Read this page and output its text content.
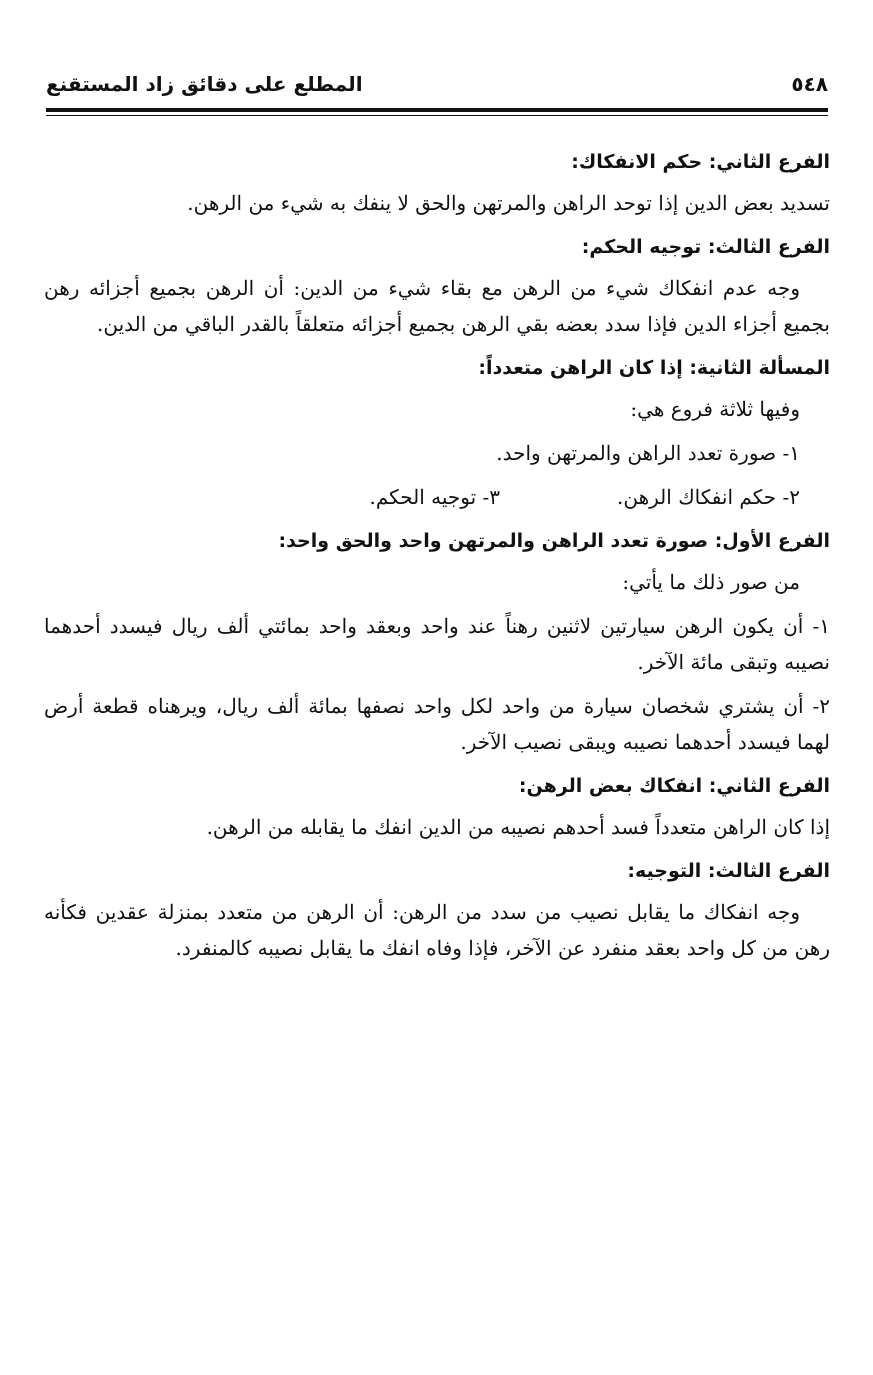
٥٤٨
المطلع على دقائق زاد المستقنع
الفرع الثاني: حكم الانفكاك:

تسديد بعض الدين إذا توحد الراهن والمرتهن والحق لا ينفك به شيء من الرهن.

الفرع الثالث: توجيه الحكم:

وجه عدم انفكاك شيء من الرهن مع بقاء شيء من الدين: أن الرهن بجميع أجزائه رهن بجميع أجزاء الدين فإذا سدد بعضه بقي الرهن بجميع أجزائه متعلقاً بالقدر الباقي من الدين.

المسألة الثانية: إذا كان الراهن متعدداً:
وفيها ثلاثة فروع هي:
١- صورة تعدد الراهن والمرتهن واحد.
٢- حكم انفكاك الرهن.
٣- توجيه الحكم.
الفرع الأول: صورة تعدد الراهن والمرتهن واحد والحق واحد:
من صور ذلك ما يأتي:

١- أن يكون الرهن سيارتين لاثنين رهناً عند واحد وبعقد واحد بمائتي ألف ريال فيسدد أحدهما نصيبه وتبقى مائة الآخر.

٢- أن يشتري شخصان سيارة من واحد لكل واحد نصفها بمائة ألف ريال، ويرهناه قطعة أرض لهما فيسدد أحدهما نصيبه ويبقى نصيب الآخر.

الفرع الثاني: انفكاك بعض الرهن:

إذا كان الراهن متعدداً فسد أحدهم نصيبه من الدين انفك ما يقابله من الرهن.

الفرع الثالث: التوجيه:

وجه انفكاك ما يقابل نصيب من سدد من الرهن: أن الرهن من متعدد بمنزلة عقدين فكأنه رهن من كل واحد بعقد منفرد عن الآخر، فإذا وفاه انفك ما يقابل نصيبه كالمنفرد.
